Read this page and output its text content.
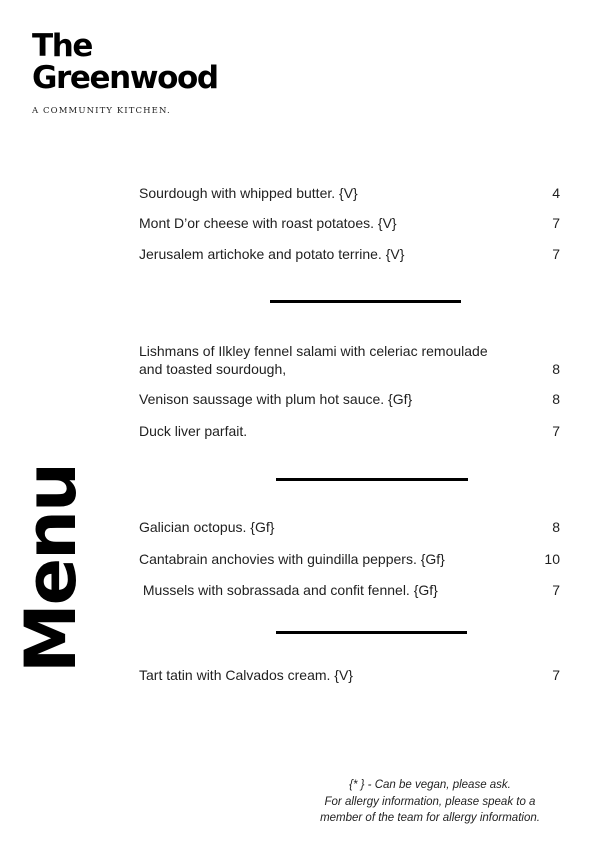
The
Greenwood
A COMMUNITY KITCHEN.
Menu
Sourdough with whipped butter. {V}	4
Mont D’or cheese with roast potatoes. {V}	7
Jerusalem artichoke and potato terrine. {V}	7
Lishmans of Ilkley fennel salami with celeriac remoulade and toasted sourdough,	8
Venison saussage with plum hot sauce. {Gf}	8
Duck liver parfait.	7
Galician octopus. {Gf}	8
Cantabrain anchovies with guindilla peppers. {Gf}	10
Mussels with sobrassada and confit fennel. {Gf}	7
Tart tatin with Calvados cream. {V}	7
{* } - Can be vegan, please ask.
For allergy information, please speak to a
member of the team for allergy information.
